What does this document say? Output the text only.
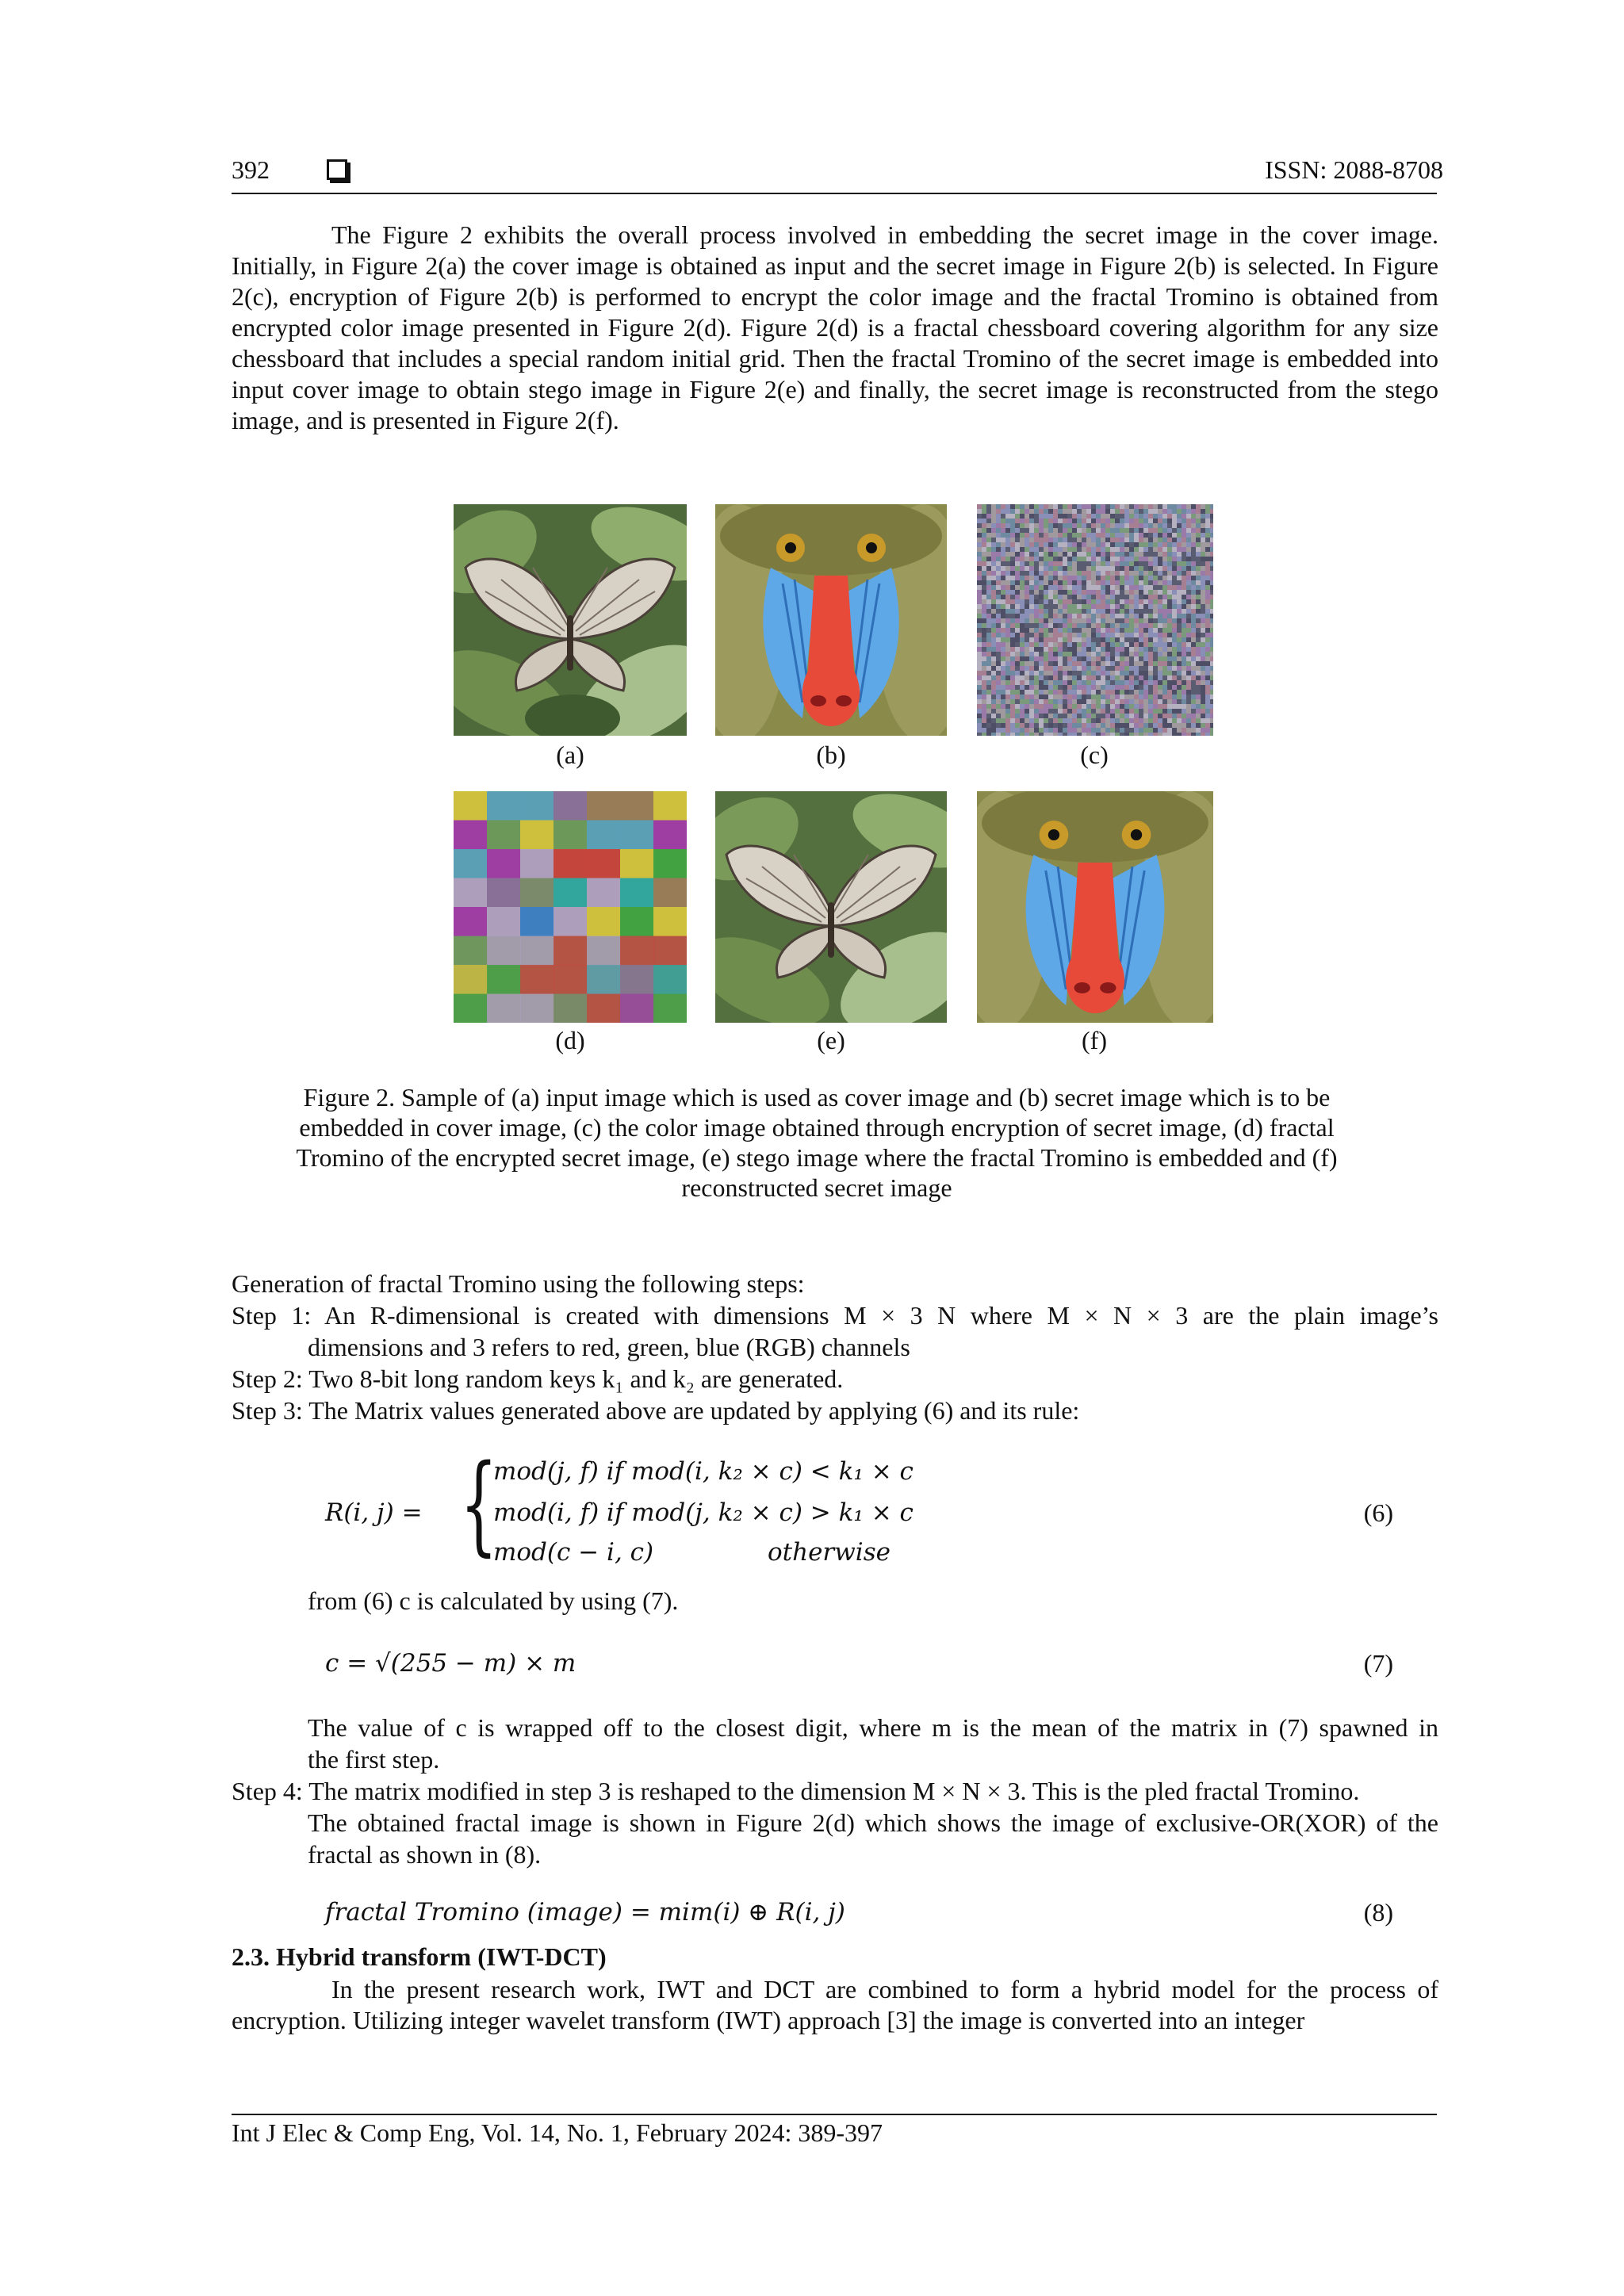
392	ISSN: 2088-8708
The Figure 2 exhibits the overall process involved in embedding the secret image in the cover image. Initially, in Figure 2(a) the cover image is obtained as input and the secret image in Figure 2(b) is selected. In Figure 2(c), encryption of Figure 2(b) is performed to encrypt the color image and the fractal Tromino is obtained from encrypted color image presented in Figure 2(d). Figure 2(d) is a fractal chessboard covering algorithm for any size chessboard that includes a special random initial grid. Then the fractal Tromino of the secret image is embedded into input cover image to obtain stego image in Figure 2(e) and finally, the secret image is reconstructed from the stego image, and is presented in Figure 2(f).
(a)	(b)	(c)
(d)	(e)	(f)
Figure 2. Sample of (a) input image which is used as cover image and (b) secret image which is to be embedded in cover image, (c) the color image obtained through encryption of secret image, (d) fractal Tromino of the encrypted secret image, (e) stego image where the fractal Tromino is embedded and (f) reconstructed secret image
Generation of fractal Tromino using the following steps:
Step 1: An R-dimensional is created with dimensions M × 3 N where M × N × 3 are the plain image’s
dimensions and 3 refers to red, green, blue (RGB) channels
Step 2: Two 8-bit long random keys k₁ and k₂ are generated.
Step 3: The Matrix values generated above are updated by applying (6) and its rule:
R(i, j) = {
mod(j, f) if mod(i, k₂ × c) < k₁ × c
mod(i, f) if mod(j, k₂ × c) > k₁ × c
mod(c − i, c)	otherwise
(6)
from (6) c is calculated by using (7).
c = √(255 − m) × m	(7)
The value of c is wrapped off to the closest digit, where m is the mean of the matrix in (7) spawned in
the first step.
Step 4: The matrix modified in step 3 is reshaped to the dimension M × N × 3. This is the pled fractal Tromino.
The obtained fractal image is shown in Figure 2(d) which shows the image of exclusive-OR(XOR) of the
fractal as shown in (8).
fractal Tromino (image) = mim(i) ⊕ R(i, j)	(8)
2.3. Hybrid transform (IWT-DCT)
In the present research work, IWT and DCT are combined to form a hybrid model for the process of encryption. Utilizing integer wavelet transform (IWT) approach [3] the image is converted into an integer
Int J Elec & Comp Eng, Vol. 14, No. 1, February 2024: 389-397
